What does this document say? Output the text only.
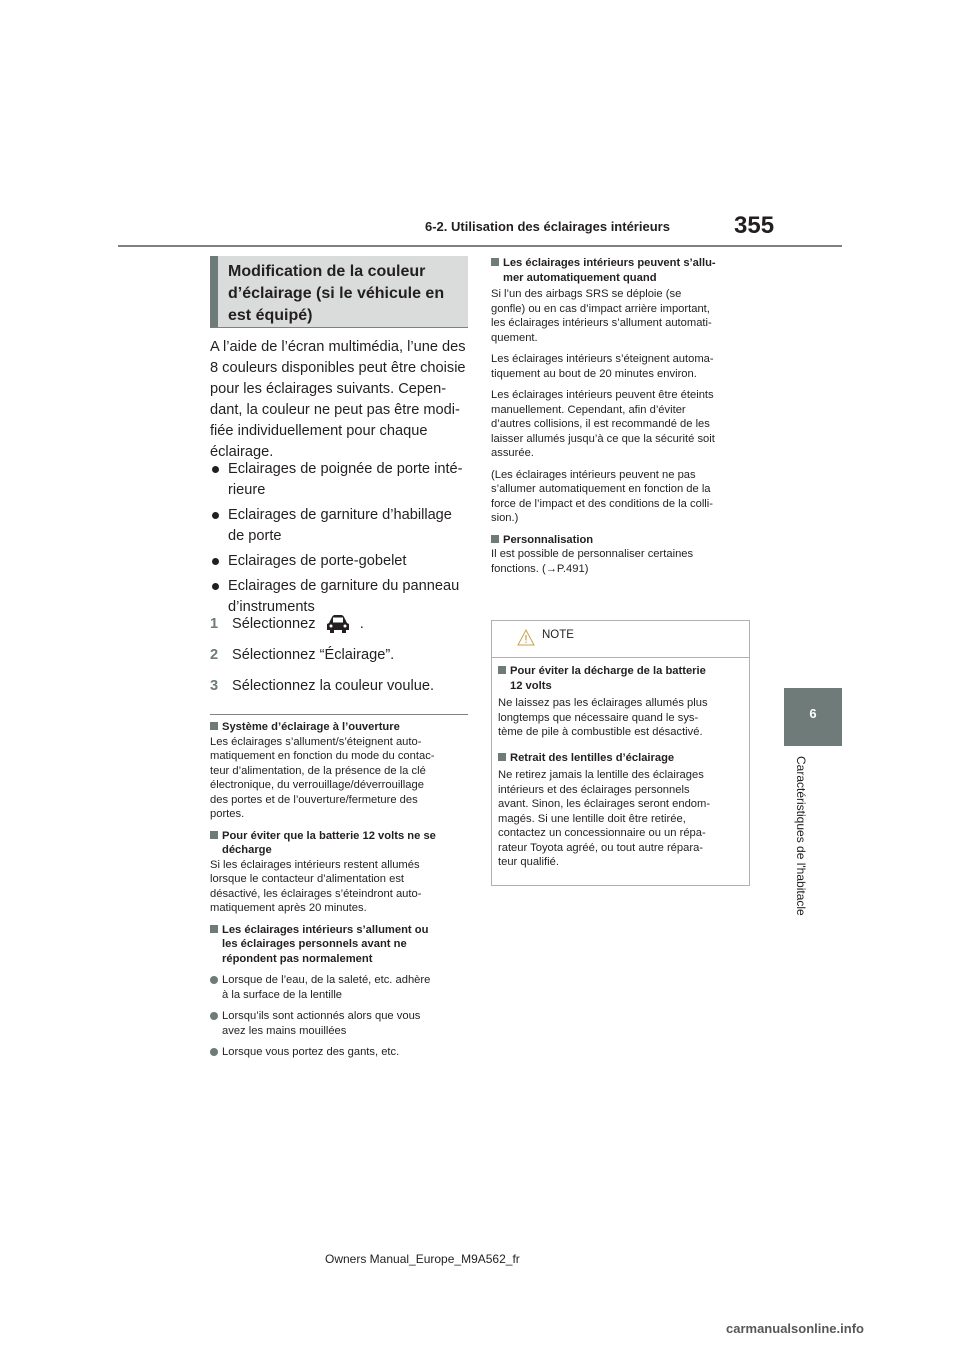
6-2. Utilisation des éclairages intérieurs	355
6
Caractéristiques de l'habitacle
Modification de la couleur
d’éclairage (si le véhicule en
est équipé)
A l’aide de l’écran multimédia, l’une des
8 couleurs disponibles peut être choisie
pour les éclairages suivants. Cepen-
dant, la couleur ne peut pas être modi-
fiée individuellement pour chaque
éclairage.
Eclairages de poignée de porte inté-
rieure
Eclairages de garniture d’habillage
de porte
Eclairages de porte-gobelet
Eclairages de garniture du panneau
d’instruments
1 Sélectionnez	.
2 Sélectionnez “Éclairage”.
3 Sélectionnez la couleur voulue.
Système d’éclairage à l’ouverture
Les éclairages s’allument/s’éteignent auto-
matiquement en fonction du mode du contac-
teur d’alimentation, de la présence de la clé
électronique, du verrouillage/déverrouillage
des portes et de l’ouverture/fermeture des
portes.
Pour éviter que la batterie 12 volts ne se
décharge
Si les éclairages intérieurs restent allumés
lorsque le contacteur d’alimentation est
désactivé, les éclairages s’éteindront auto-
matiquement après 20 minutes.
Les éclairages intérieurs s’allument ou
les éclairages personnels avant ne
répondent pas normalement
Lorsque de l’eau, de la saleté, etc. adhère
à la surface de la lentille
Lorsqu’ils sont actionnés alors que vous
avez les mains mouillées
Lorsque vous portez des gants, etc.
Les éclairages intérieurs peuvent s’allu-
mer automatiquement quand
Si l’un des airbags SRS se déploie (se
gonfle) ou en cas d’impact arrière important,
les éclairages intérieurs s’allument automati-
quement.
Les éclairages intérieurs s’éteignent automa-
tiquement au bout de 20 minutes environ.
Les éclairages intérieurs peuvent être éteints
manuellement. Cependant, afin d’éviter
d’autres collisions, il est recommandé de les
laisser allumés jusqu’à ce que la sécurité soit
assurée.
(Les éclairages intérieurs peuvent ne pas
s’allumer automatiquement en fonction de la
force de l’impact et des conditions de la colli-
sion.)
Personnalisation
Il est possible de personnaliser certaines
fonctions. (→P.491)
NOTE
Pour éviter la décharge de la batterie
12 volts
Ne laissez pas les éclairages allumés plus
longtemps que nécessaire quand le sys-
tème de pile à combustible est désactivé.
Retrait des lentilles d’éclairage
Ne retirez jamais la lentille des éclairages
intérieurs et des éclairages personnels
avant. Sinon, les éclairages seront endom-
magés. Si une lentille doit être retirée,
contactez un concessionnaire ou un répa-
rateur Toyota agréé, ou tout autre répara-
teur qualifié.
Owners Manual_Europe_M9A562_fr
carmanualsonline.info
